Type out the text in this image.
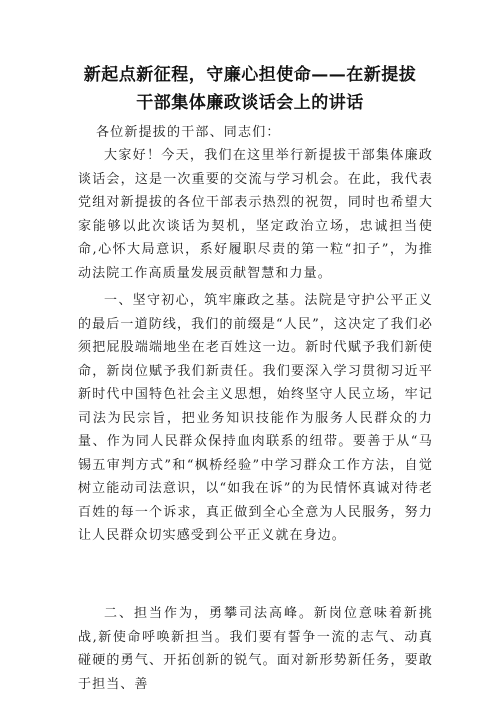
新起点新征程，守廉心担使命——在新提拔
干部集体廉政谈话会上的讲话
各位新提拔的干部、同志们：

大家好！今天，我们在这里举行新提拔干部集体廉政谈话会，这是一次重要的交流与学习机会。在此，我代表党组对新提拔的各位干部表示热烈的祝贺，同时也希望大家能够以此次谈话为契机，坚定政治立场，忠诚担当使命,心怀大局意识，系好履职尽责的第一粒“扣子”，为推动法院工作高质量发展贡献智慧和力量。

一、坚守初心，筑牢廉政之基。法院是守护公平正义的最后一道防线，我们的前缀是“人民”，这决定了我们必须把屁股端端地坐在老百姓这一边。新时代赋予我们新使命，新岗位赋予我们新责任。我们要深入学习贯彻习近平新时代中国特色社会主义思想，始终坚守人民立场，牢记司法为民宗旨，把业务知识技能作为服务人民群众的力量、作为同人民群众保持血肉联系的纽带。要善于从“马锡五审判方式”和“枫桥经验”中学习群众工作方法，自觉树立能动司法意识，以“如我在诉”的为民情怀真诚对待老百姓的每一个诉求，真正做到全心全意为人民服务，努力让人民群众切实感受到公平正义就在身边。

二、担当作为，勇攀司法高峰。新岗位意味着新挑战,新使命呼唤新担当。我们要有誓争一流的志气、动真碰硬的勇气、开拓创新的锐气。面对新形势新任务，要敢于担当、善
